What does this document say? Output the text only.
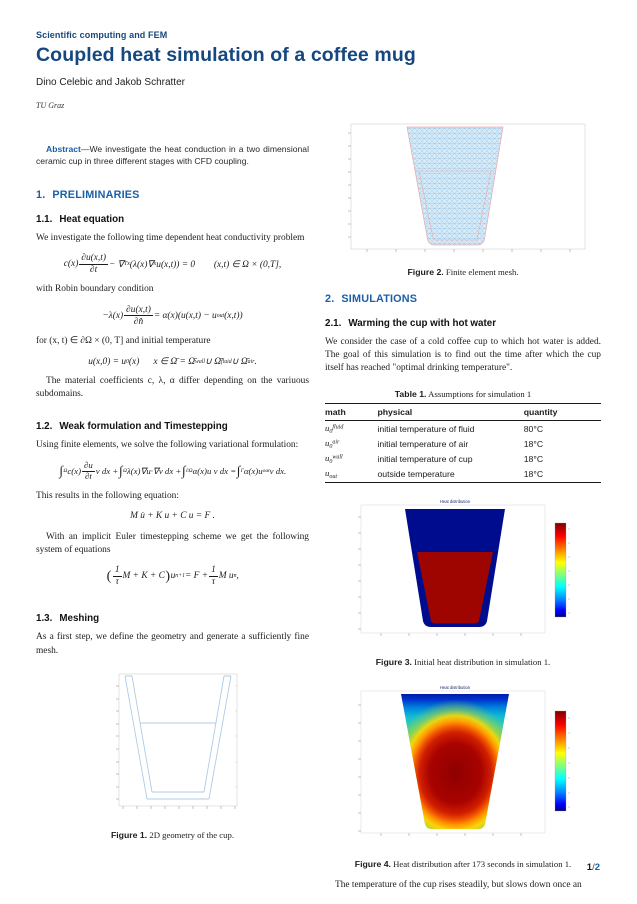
Scientific computing and FEM
Coupled heat simulation of a coffee mug
Dino Celebic and Jakob Schratter
TU Graz

Abstract—We investigate the heat conduction in a two dimensional ceramic cup in three different stages with CFD coupling.

1. PRELIMINARIES
1.1. Heat equation

We investigate the following time dependent heat conductivity problem

$c(x) \frac{\partial u(x,t)}{\partial t}$ − ∇ T x (λ(x)∇ x u(x,t)) = 0  (x,t) ∈ Ω × (0,T],

with Robin boundary condition

$-\lambda(x) \frac{\partial u(x,t)}{\partial n̂} = \alpha(x)(u(x,t) - u$ out (x,t))

for (x, t) ∈ ∂Ω × (0, T] and initial temperature

u(x,0) = u 0 (x)  x ∈ Ω̄ = Ω̄ wall ∪ Ω̄ fluid ∪ Ω̄ air .

The material coefficients c, λ, α differ depending on the variuous subdomains.

1.2. Weak formulation and Timestepping

Using finite elements, we solve the following variational formulation:

∫ Ω $c(x) \frac{\partial u}{\partial t}$ v dx + ∫ Ω λ(x)∇u·∇v dx + ∫ ∂Ω α(x)u v dx = ∫ Γ α(x)u out v dx.

This results in the following equation:

M u̇ + K u + C u = F .

With an implicit Euler timestepping scheme we get the following system of equations

( $\frac{1}{\tau}$ M + K + C ) u $n+1 = F + \frac{1}{\tau}$ M u n ,
1.3. Meshing

As a first step, we define the geometry and generate a sufficiently fine mesh.

Figure 1. 2D geometry of the cup.
Figure 2. Finite element mesh.
2. SIMULATIONS
2.1. Warming the cup with hot water

We consider the case of a cold coffee cup to which hot water is added. The goal of this simulation is to find out the time after which the cup itself has reached "optimal drinking temperature".

Table 1. Assumptions for simulation 1
math	physical	quantity
$u_0^{fluid}$	initial temperature of fluid	80°C
$u_0^{air}$	initial temperature of air	18°C
$u_0^{wall}$	initial temperature of cup	18°C
$u_{out}$	outside temperature	18°C
Heat distribution
Figure 3. Initial heat distribution in simulation 1.
Heat distribution
Figure 4. Heat distribution after 173 seconds in simulation 1.

The temperature of the cup rises steadily, but slows down once an

1/2
